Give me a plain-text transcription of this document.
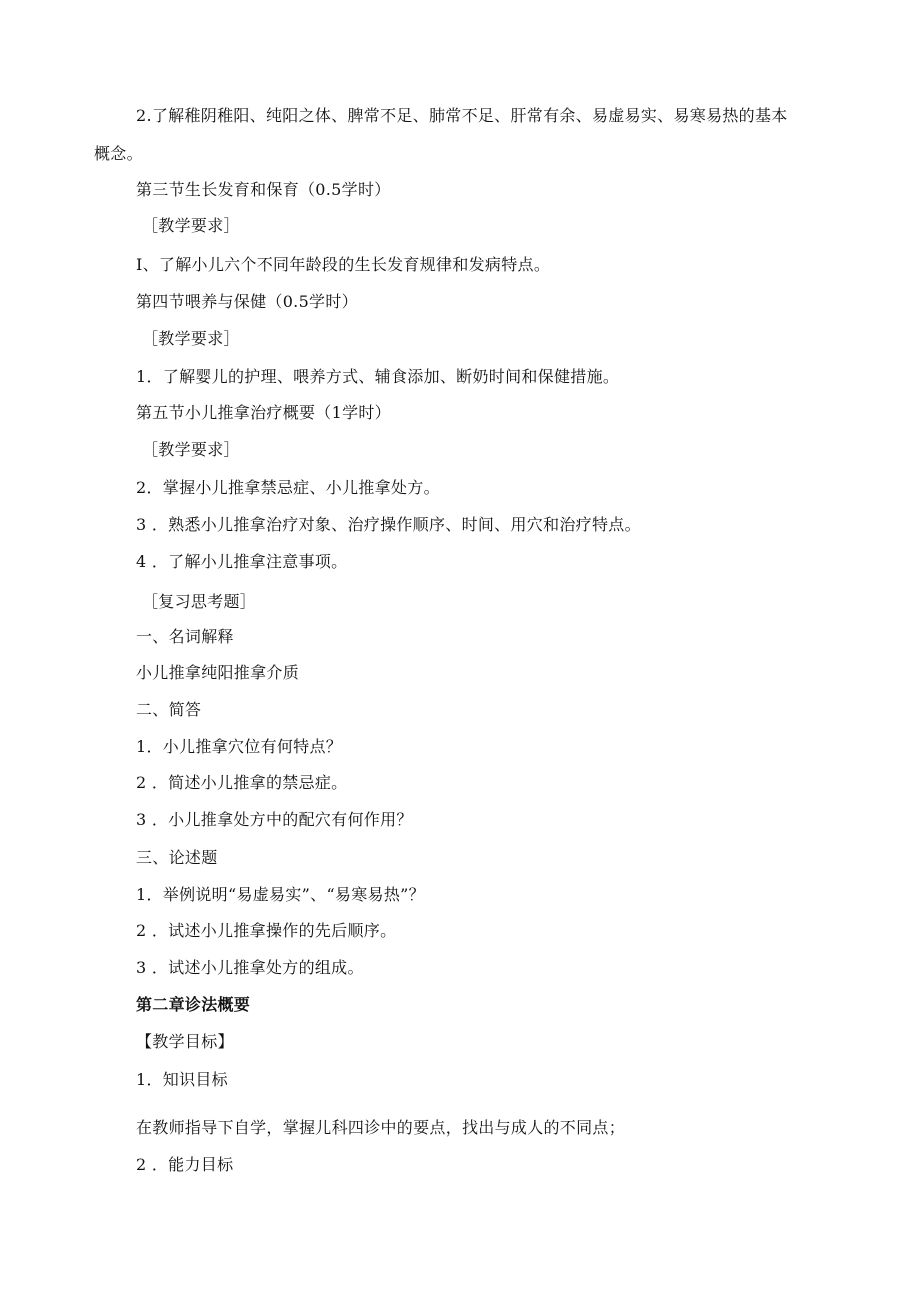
2.了解稚阴稚阳、纯阳之体、脾常不足、肺常不足、肝常有余、易虚易实、易寒易热的基本
概念。
第三节生长发育和保育（0.5学时）
［教学要求］
I、了解小儿六个不同年龄段的生长发育规律和发病特点。
第四节喂养与保健（0.5学时）
［教学要求］
1．了解婴儿的护理、喂养方式、辅食添加、断奶时间和保健措施。
第五节小儿推拿治疗概要（1学时）
［教学要求］
2．掌握小儿推拿禁忌症、小儿推拿处方。
3 ．熟悉小儿推拿治疗对象、治疗操作顺序、时间、用穴和治疗特点。
4 ．了解小儿推拿注意事项。
［复习思考题］
一、名词解释
小儿推拿纯阳推拿介质
二、简答
1．小儿推拿穴位有何特点？
2 ．简述小儿推拿的禁忌症。
3 ．小儿推拿处方中的配穴有何作用？
三、论述题
1．举例说明“易虚易实”、“易寒易热”？
2 ．试述小儿推拿操作的先后顺序。
3 ．试述小儿推拿处方的组成。
第二章诊法概要
【教学目标】
1．知识目标
在教师指导下自学，掌握儿科四诊中的要点，找出与成人的不同点；
2 ．能力目标
